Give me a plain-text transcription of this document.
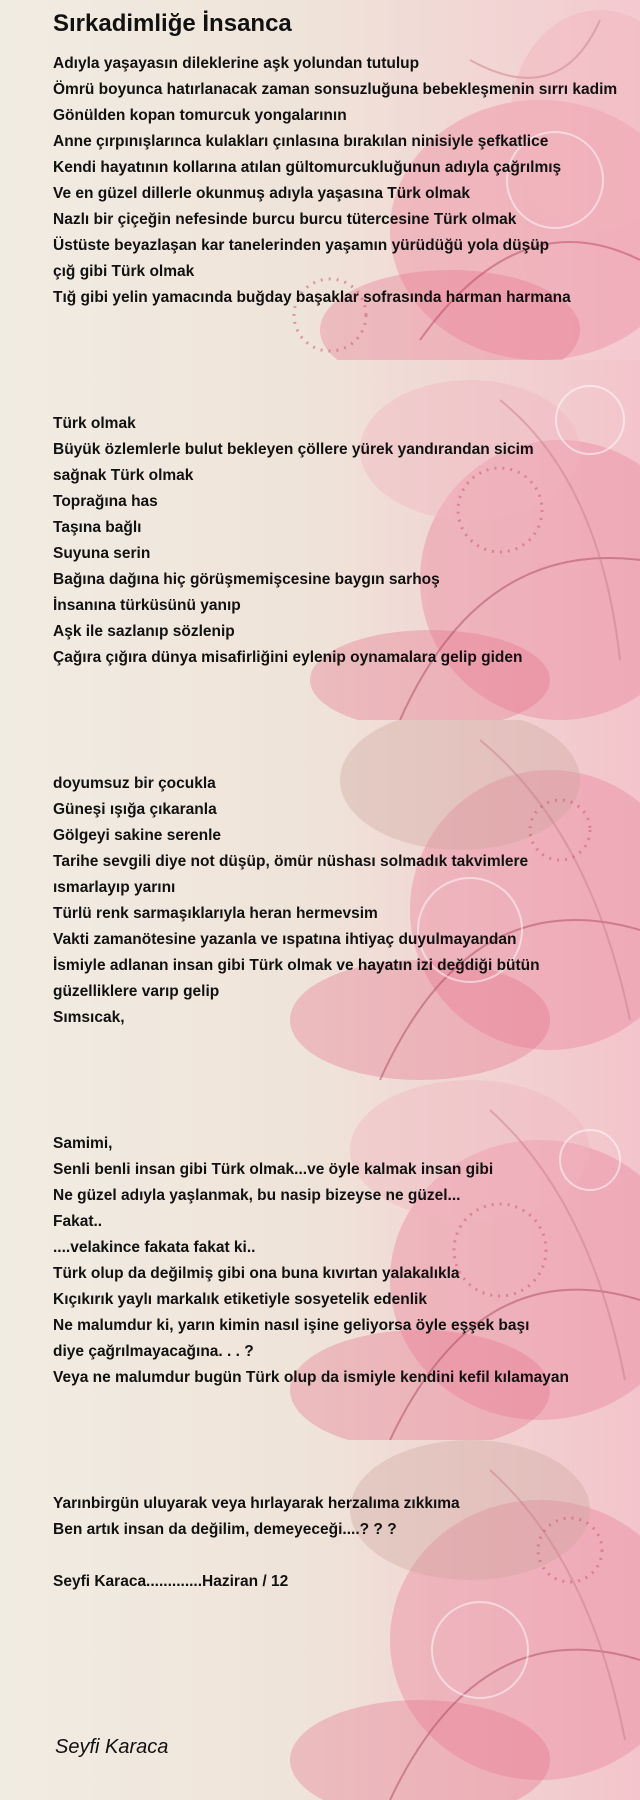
Sırkadimliğe İnsanca
Adıyla yaşayasın dileklerine aşk yolundan tutulup
Ömrü boyunca hatırlanacak zaman sonsuzluğuna bebekleşmenin sırrı kadim
Gönülden kopan tomurcuk yongalarının
Anne çırpınışlarınca kulakları çınlasına bırakılan ninisiyle şefkatlice
Kendi hayatının kollarına atılan gültomurcukluğunun adıyla çağrılmış
Ve en güzel dillerle okunmuş adıyla yaşasına Türk olmak
Nazlı bir çiçeğin nefesinde burcu burcu tütercesine Türk olmak
Üstüste beyazlaşan kar tanelerinden yaşamın yürüdüğü yola düşüp
çığ gibi Türk olmak
Tığ gibi yelin yamacında buğday başaklar sofrasında harman harmana
Türk olmak
Büyük özlemlerle bulut bekleyen çöllere yürek yandırandan sicim
sağnak Türk olmak
Toprağına has
Taşına bağlı
Suyuna serin
Bağına dağına hiç görüşmemişcesine baygın sarhoş
İnsanına türküsünü yanıp
Aşk ile sazlanıp sözlenip
Çağıra çığıra dünya misafirliğini eylenip oynamalara gelip giden
doyumsuz bir çocukla
Güneşi ışığa çıkaranla
Gölgeyi sakine serenle
Tarihe sevgili diye not düşüp, ömür nüshası solmadık takvimlere
ısmarlayıp yarını
Türlü renk sarmaşıklarıyla heran hermevsim
Vakti zamanötesine yazanla ve ıspatına ihtiyaç duyulmayandan
İsmiyle adlanan insan gibi Türk olmak ve hayatın izi değdiği bütün
güzelliklere varıp gelip
Sımsıcak,
Samimi,
Senli benli insan gibi Türk olmak...ve öyle kalmak insan gibi
Ne güzel adıyla yaşlanmak, bu nasip bizeyse ne güzel...
Fakat..
....velakince fakata fakat ki..
Türk olup da değilmiş gibi ona buna kıvırtan yalakalıkla
Kıçıkırık yaylı markalık etiketiyle sosyetelik edenlik
Ne malumdur ki, yarın kimin nasıl işine geliyorsa öyle eşşek başı
diye çağrılmayacağına. . . ?
Veya ne malumdur bugün Türk olup da ismiyle kendini kefil kılamayan
Yarınbirgün uluyarak veya hırlayarak herzalıma zıkkıma
Ben artık insan da değilim, demeyeceği....? ? ?
Seyfi Karaca.............Haziran / 12
Seyfi Karaca
